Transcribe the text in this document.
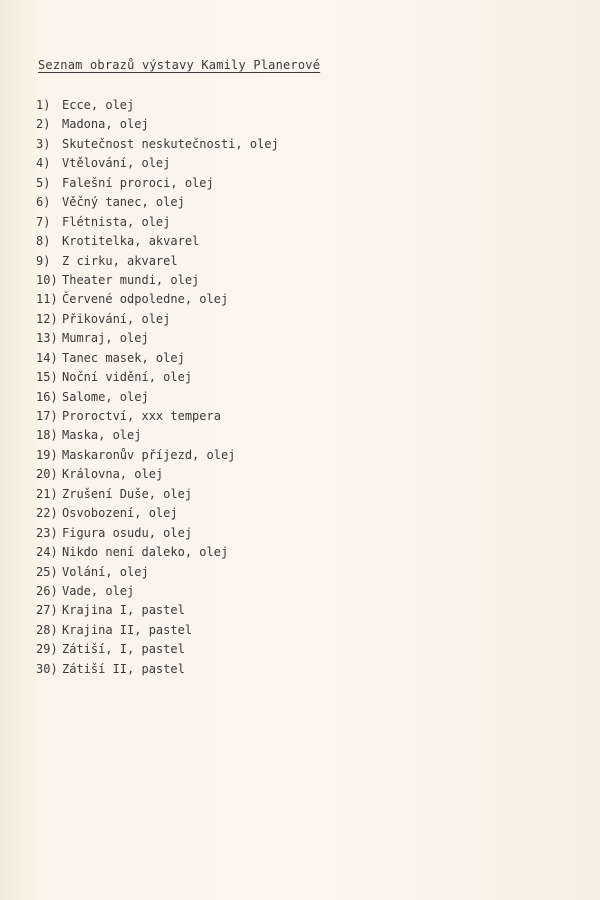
Seznam obrazů výstavy Kamily Planerové
1) Ecce, olej
2) Madona, olej
3) Skutečnost neskutečnosti, olej
4) Vtělování, olej
5) Falešní proroci, olej
6) Věčný tanec, olej
7) Flétnista, olej
8) Krotitelka, akvarel
9) Z cirku, akvarel
10) Theater mundi, olej
11) Červené odpoledne, olej
12) Přikování, olej
13) Mumraj, olej
14) Tanec masek, olej
15) Noční vidění, olej
16) Salome, olej
17) Proroctví, xxx tempera
18) Maska, olej
19) Maskaronův příjezd, olej
20) Královna, olej
21) Zrušení Duše, olej
22) Osvobození, olej
23) Figura osudu, olej
24) Nikdo není daleko, olej
25) Volání, olej
26) Vade, olej
27) Krajina I, pastel
28) Krajina II, pastel
29) Zátiší, I, pastel
30) Zátiší II, pastel
